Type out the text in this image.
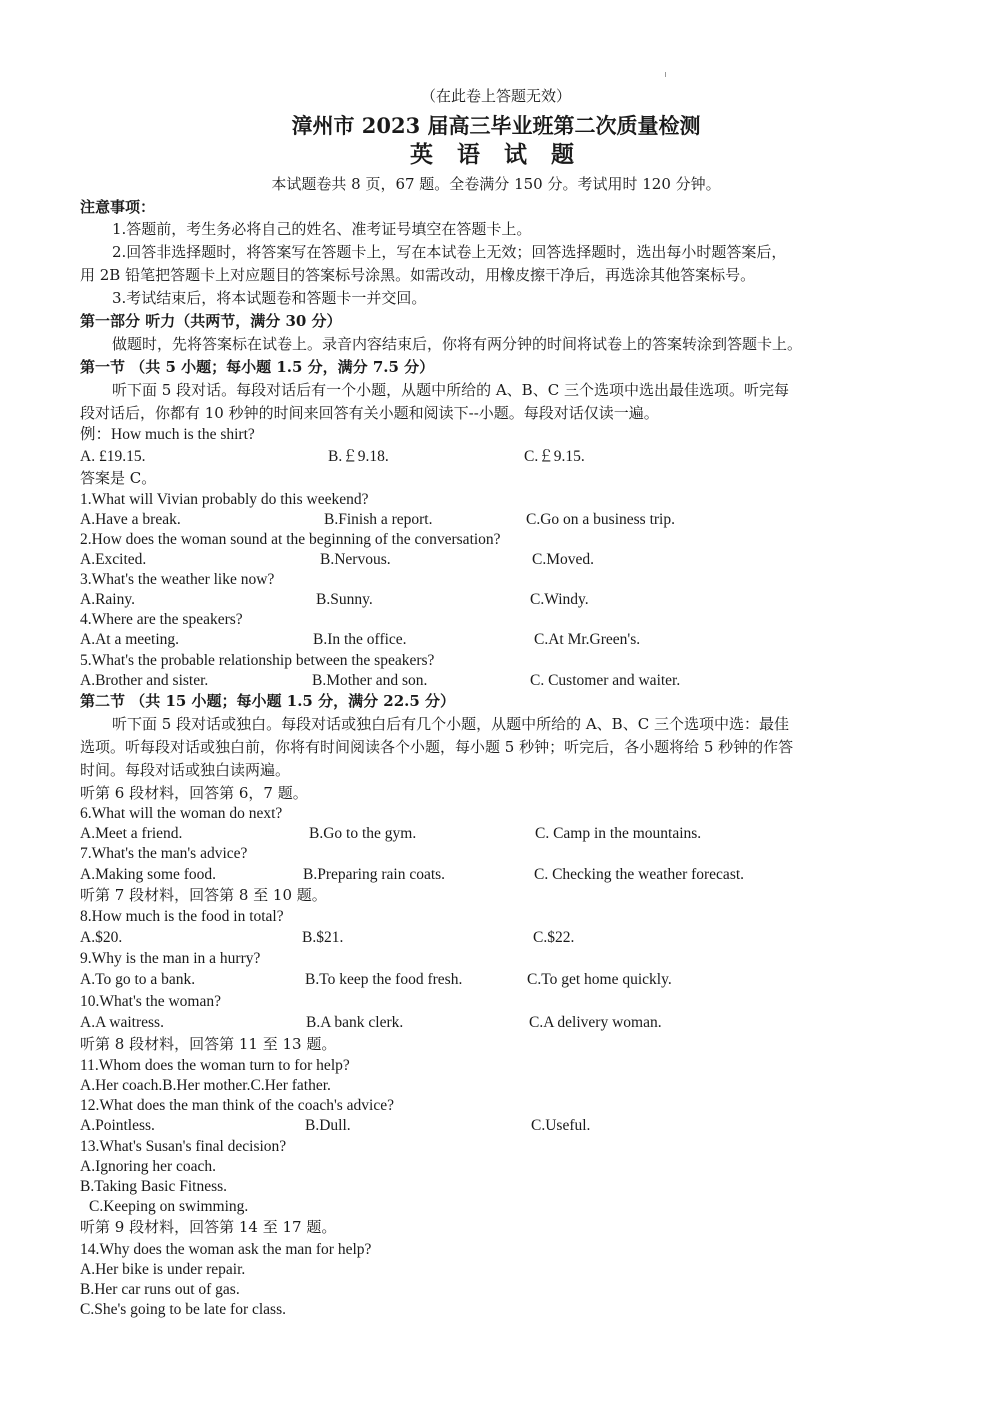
（在此卷上答题无效）
漳州市 2023 届高三毕业班第二次质量检测
英 语 试 题
本试题卷共 8 页，67 题。全卷满分 150 分。考试用时 120 分钟。
注意事项：
1.答题前，考生务必将自己的姓名、准考证号填空在答题卡上。
2.回答非选择题时，将答案写在答题卡上，写在本试卷上无效；回答选择题时，选出每小时题答案后，
用 2B 铅笔把答题卡上对应题目的答案标号涂黑。如需改动，用橡皮擦干净后，再选涂其他答案标号。
3.考试结束后，将本试题卷和答题卡一并交回。
第一部分 听力（共两节，满分 30 分）
做题时，先将答案标在试卷上。录音内容结束后，你将有两分钟的时间将试卷上的答案转涂到答题卡上。
第一节 （共 5 小题；每小题 1.5 分，满分 7.5 分）
听下面 5 段对话。每段对话后有一个小题，从题中所给的 A、B、C 三个选项中选出最佳选项。听完每
段对话后，你都有 10 秒钟的时间来回答有关小题和阅读下--小题。每段对话仅读一遍。
例：How much is the shirt?
A. £19.15.	B.￡9.18.	C.￡9.15.
答案是 C。
1.What will Vivian probably do this weekend?
A.Have a break.	B.Finish a report.	C.Go on a business trip.
2.How does the woman sound at the beginning of the conversation?
A.Excited.	B.Nervous.	C.Moved.
3.What's the weather like now?
A.Rainy.	B.Sunny.	C.Windy.
4.Where are the speakers?
A.At a meeting.	B.In the office.	C.At Mr.Green's.
5.What's the probable relationship between the speakers?
A.Brother and sister.	B.Mother and son.	C. Customer and waiter.
第二节 （共 15 小题；每小题 1.5 分，满分 22.5 分）
听下面 5 段对话或独白。每段对话或独白后有几个小题，从题中所给的 A、B、C 三个选项中选：最佳
选项。听每段对话或独白前，你将有时间阅读各个小题，每小题 5 秒钟；听完后，各小题将给 5 秒钟的作答
时间。每段对话或独白读两遍。
听第 6 段材料，回答第 6，7 题。
6.What will the woman do next?
A.Meet a friend.	B.Go to the gym.	C. Camp in the mountains.
7.What's the man's advice?
A.Making some food.	B.Preparing rain coats.	C. Checking the weather forecast.
听第 7 段材料，回答第 8 至 10 题。
8.How much is the food in total?
A.$20.	B.$21.	C.$22.
9.Why is the man in a hurry?
A.To go to a bank.	B.To keep the food fresh.	C.To get home quickly.
10.What's the woman?
A.A waitress.	B.A bank clerk.	C.A delivery woman.
听第 8 段材料，回答第 11 至 13 题。
11.Whom does the woman turn to for help?
A.Her coach.B.Her mother.C.Her father.
12.What does the man think of the coach's advice?
A.Pointless.	B.Dull.	C.Useful.
13.What's Susan's final decision?
A.Ignoring her coach.
B.Taking Basic Fitness.
C.Keeping on swimming.
听第 9 段材料，回答第 14 至 17 题。
14.Why does the woman ask the man for help?
A.Her bike is under repair.
B.Her car runs out of gas.
C.She's going to be late for class.
